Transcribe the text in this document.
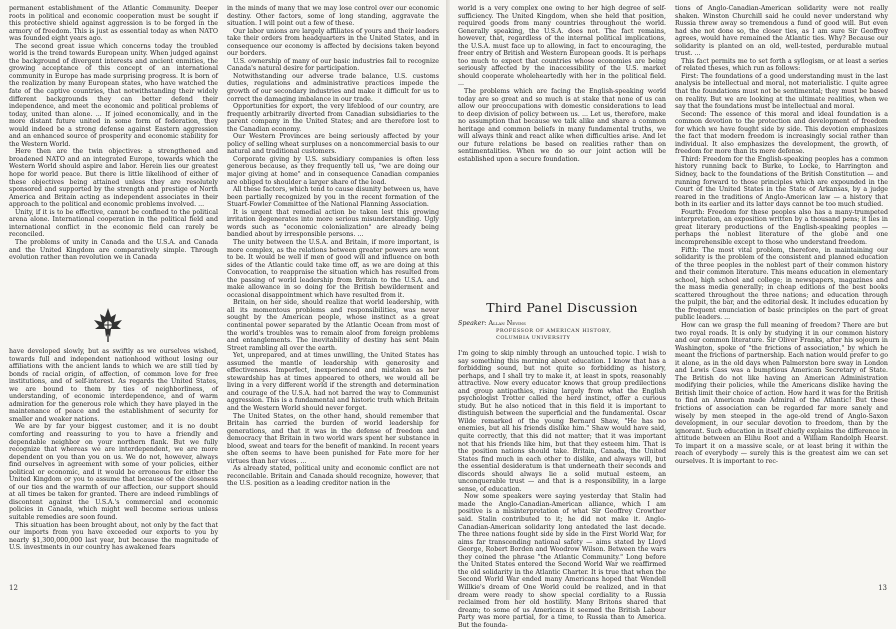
permanent establishment of the Atlantic Community. Deeper roots in political and economic cooperation must be sought if this protective shield against aggression is to be forged in the armory of freedom. This is just as essential today as when NATO was founded eight years ago.

The second great issue which concerns today the troubled world is the trend towards European unity. When judged against the background of divergent interests and ancient enmities, the growing acceptance of this concept of an international community in Europe has made surprising progress. It is born of the realization by many European states, who have watched the fate of the captive countries, that notwithstanding their widely different backgrounds they can better defend their independence, and meet the economic and political problems of today, united than alone. ... If joined economically, and in the more distant future united in some form of federation, they would indeed be a strong defense against Eastern aggression and an enhanced source of prosperity and economic stability for the Western World.

Here then are the twin objectives: a strengthened and broadened NATO and an integrated Europe, towards which the Western World should aspire and labor. Herein lies our greatest hope for world peace. But there is little likelihood of either of these objectives being attained unless they are resolutely sponsored and supported by the strength and prestige of North America and Britain acting as independent associates in their approach to the political and economic problems involved. ...

Unity, if it is to be effective, cannot be confined to the political arena alone. International cooperation in the political field and international conflict in the economic field can rarely be reconciled.

The problems of unity in Canada and the U.S.A. and Canada and the United Kingdom are comparatively simple. Through evolution rather than revolution we in Canada

have developed slowly, but as swiftly as we ourselves wished, towards full and independent nationhood without losing our affiliations with the ancient lands to which we are still tied by bonds of racial origin, of affection, of common love for free institutions, and of self-interest. As regards the United States, we are bound to them by ties of neighborliness, of understanding, of economic interdependence, and of warm admiration for the generous role which they have played in the maintenance of peace and the establishment of security for smaller and weaker nations.

We are by far your biggest customer, and it is no doubt comforting and reassuring to you to have a friendly and dependable neighbor on your northern flank. But we fully recognize that whereas we are interdependent, we are more dependent on you than you on us. We do not, however, always find ourselves in agreement with some of your policies, either political or economic, and it would be erroneous for either the United Kingdom or you to assume that because of the closeness of our ties and the warmth of our affection, our support should at all times be taken for granted. There are indeed rumblings of discontent against the U.S.A.'s commercial and economic policies in Canada, which might well become serious unless suitable remedies are soon found.

This situation has been brought about, not only by the fact that our imports from you have exceeded our exports to you by nearly $1,300,000,000 last year, but because the magnitude of U.S. investments in our country has awakened fears

in the minds of many that we may lose control over our economic destiny. Other factors, some of long standing, aggravate the situation. I will point out a few of these.

Our labor unions are largely affiliates of yours and their leaders take their orders from headquarters in the United States, and in consequence our economy is affected by decisions taken beyond our borders.

U.S. ownership of many of our basic industries fail to recognize Canada's natural desire for participation.

Notwithstanding our adverse trade balance, U.S. customs duties, regulations and administrative practices impede the growth of our secondary industries and make it difficult for us to correct the damaging imbalance in our trade.

Opportunities for export, the very lifeblood of our country, are frequently arbitrarily diverted from Canadian subsidiaries to the parent company in the United States; and are therefore lost to the Canadian economy.

Our Western Provinces are being seriously affected by your policy of selling wheat surpluses on a noncommercial basis to our natural and traditional customers.

Corporate giving by U.S. subsidiary companies is often less generous because, as they frequently tell us, "we are doing our major giving at home" and in consequence Canadian companies are obliged to shoulder a larger share of the load.

All these factors, which tend to cause disunity between us, have been partially recognized by you in the recent formation of the Stuart-Fowler Committee of the National Planning Association.

It is urgent that remedial action be taken lest this growing irritation degenerates into more serious misunderstanding. Ugly words such as "economic colonialization" are already being bandied about by irresponsible persons. ...

The unity between the U.S.A. and Britain, if more important, is more complex, as the relations between greater powers are wont to be. It would be well if men of good will and influence on both sides of the Atlantic could take time off, as we are doing at this Convocation, to reappraise the situation which has resulted from the passing of world leadership from Britain to the U.S.A. and make allowance in so doing for the British bewilderment and occasional disappointment which have resulted from it.

Britain, on her side, should realize that world leadership, with all its momentous problems and responsibilities, was never sought by the American people, whose instinct as a great continental power separated by the Atlantic Ocean from most of the world's troubles was to remain aloof from foreign problems and entanglements. The inevitability of destiny has sent Main Street rambling all over the earth.

Yet, unprepared, and at times unwilling, the United States has assumed the mantle of leadership with generosity and effectiveness. Imperfect, inexperienced and mistaken as her stewardship has at times appeared to others, we would all be living in a very different world if the strength and determination and courage of the U.S.A. had not barred the way to Communist aggression. This is a fundamental and historic truth which Britain and the Western World should never forget.

The United States, on the other hand, should remember that Britain has carried the burden of world leadership for generations, and that it was in the defense of freedom and democracy that Britain in two world wars spent her substance in blood, sweat and tears for the benefit of mankind. In recent years she often seems to have been punished for Fate more for her virtues than her vices. ...

As already stated, political unity and economic conflict are not reconcilable. Britain and Canada should recognize, however, that the U.S. position as a leading creditor nation in the

12

world is a very complex one owing to her high degree of self-sufficiency. The United Kingdom, when she held that position, required goods from many countries throughout the world. Generally speaking, the U.S.A. does not. The fact remains, however, that, regardless of the internal political implications, the U.S.A. must face up to allowing, in fact to encouraging, the freer entry of British and Western European goods. It is perhaps too much to expect that countries whose economies are being seriously affected by the inaccessibility of the U.S. market should cooperate wholeheartedly with her in the political field. ...

The problems which are facing the English-speaking world today are so great and so much is at stake that none of us can allow our preoccupations with domestic considerations to lead to deep division of policy between us. ... Let us, therefore, make no assumption that because we talk alike and share a common heritage and common beliefs in many fundamental truths, we will always think and react alike when difficulties arise. And let our future relations be based on realities rather than on sentimentalities. When we do so our joint action will be established upon a secure foundation.

Third Panel Discussion
Speaker: Allan Nevins
PROFESSOR OF AMERICAN HISTORY,
COLUMBIA UNIVERSITY

I'm going to skip nimbly through an untouched topic. I wish to say something this morning about education. I know that has a forbidding sound, but not quite so forbidding as history, perhaps, and I shall try to make it, at least in spots, reasonably attractive. Now every educator knows that group predilections and group antipathies, rising largely from what the English psychologist Trotter called the herd instinct, offer a curious study. But he also noticed that in this field it is important to distinguish between the superficial and the fundamental. Oscar Wilde remarked of the young Bernard Shaw, "He has no enemies, but all his friends dislike him." Shaw would have said, quite correctly, that this did not matter; that it was important not that his friends like him, but that they esteem him. That is the position nations should take. Britain, Canada, the United States find much in each other to dislike, and always will, but the essential desideratum is that underneath their seconds and discords should always lie a solid mutual esteem, an unconquerable trust — and that is a responsibility, in a large sense, of education.

Now some speakers were saying yesterday that Stalin had made the Anglo-Canadian-American alliance, which I am positive is a misinterpretation of what Sir Geoffrey Crowther said. Stalin contributed to it; he did not make it. Anglo-Canadian-American solidarity long antedated the last decade. The three nations fought side by side in the First World War, for aims far transcending national safety — aims stated by Lloyd George, Robert Borden and Woodrow Wilson. Between the wars they coined the phrase "the Atlantic Community." Long before the United States entered the Second World War we reaffirmed the old solidarity in the Atlantic Charter. It is true that when the Second World War ended many Americans hoped that Wendell Willkie's dream of One World could be realized, and in that dream were ready to show special cordiality to a Russia reclaimed from her old hostility. Many Britons shared that dream; to some of us Americans it seemed the British Labour Party was more partial, for a time, to Russia than to America. But the founda-

tions of Anglo-Canadian-American solidarity were not really shaken. Winston Churchill said he could never understand why Russia threw away so tremendous a fund of good will. But even had she not done so, the closer ties, as I am sure Sir Geoffrey agrees, would have remained the Atlantic ties. Why? Because our solidarity is planted on an old, well-tested, perdurable mutual trust. ...

This fact permits me to set forth a syllogism, or at least a series of related theses, which run as follows:

First: The foundations of a good understanding must in the last analysis be intellectual and moral, not materialistic. I quite agree that the foundations must not be sentimental; they must be based on reality. But we are looking at the ultimate realities, when we say that the foundations must be intellectual and moral.

Second: The essence of this moral and ideal foundation is a common devotion to the protection and development of freedom for which we have fought side by side. This devotion emphasizes the fact that modern freedom is increasingly social rather than individual. It also emphasizes the development, the growth, of freedom for more than its mere defense.

Third: Freedom for the English-speaking peoples has a common history running back to Burke, to Locke, to Harrington and Sidney, back to the foundations of the British Constitution — and running forward to those principles which are expounded in the Court of the United States in the State of Arkansas, by a judge reared in the traditions of Anglo-American law — a history that both in its earlier and its latter days cannot be too much studied.

Fourth: Freedom for these peoples also has a many-trumpeted interpretation, an exposition written by a thousand pens; it lies in great literary productions of the English-speaking peoples — perhaps the noblest literature of the globe and one incomprehensible except to those who understand freedom.

Fifth: The most vital problem, therefore, in maintaining our solidarity is the problem of the consistent and planned education of the three peoples in the noblest part of their common history and their common literature. This means education in elementary school, high school and college; in newspapers, magazines and the mass media generally; in cheap editions of the best books scattered throughout the three nations; and education through the pulpit, the bar, and the editorial desk. It includes education by the frequent enunciation of basic principles on the part of great public leaders. ...

How can we grasp the full meaning of freedom? There are but two royal roads. It is only by studying it in our common history and our common literature. Sir Oliver Franks, after his sojourn in Washington, spoke of "the frictions of association," by which he meant the frictions of partnership. Each nation would prefer to go it alone, as in the old days when Palmerston bore sway in London and Lewis Cass was a bumptious American Secretary of State. The British do not like having an American Administration modifying their policies, while the Americans dislike having the British limit their choice of action. How hard it was for the British to find an American made Admiral of the Atlantic! But these frictions of association can be regarded far more sanely and wisely by men steeped in the age-old trend of Anglo-Saxon development, in our secular devotion to freedom, than by the ignorant. Such education in itself chiefly explains the difference in attitude between an Elihu Root and a William Randolph Hearst. To impart it on a massive scale, or at least bring it within the reach of everybody — surely this is the greatest aim we can set ourselves. It is important to rec-

13
